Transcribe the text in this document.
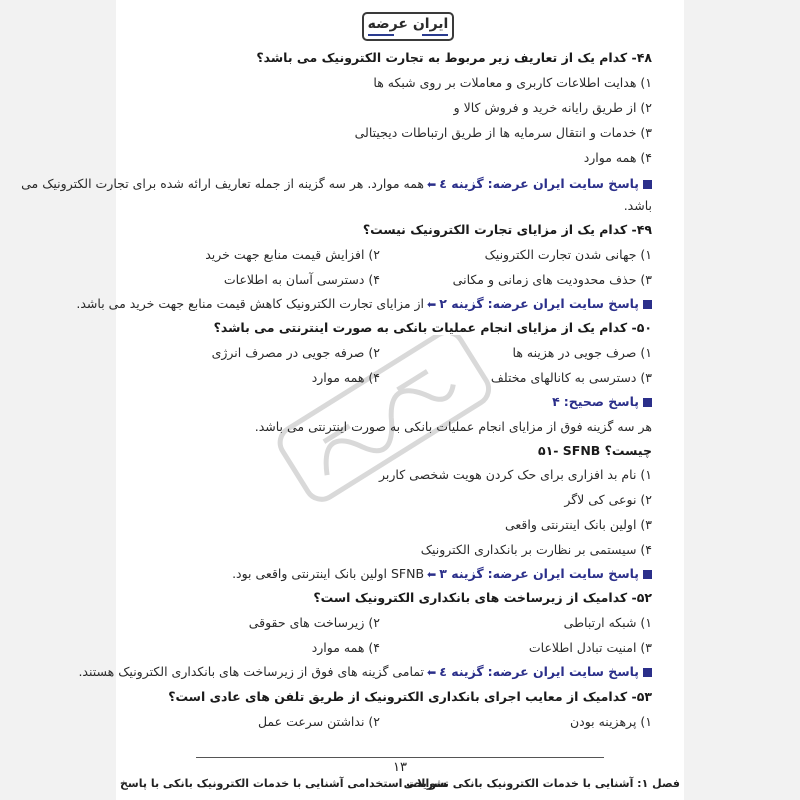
ایران عرضه
۴۸- کدام یک از تعاریف زیر مربوط به تجارت الکترونیک می باشد؟
۱) هدایت اطلاعات کاربری و معاملات بر روی شبکه ها
۲) از طریق رایانه خرید و فروش کالا و
۳) خدمات و انتقال سرمایه ها از طریق ارتباطات دیجیتالی
۴) همه موارد
پاسخ سایت ایران عرضه: گزینه ٤⬅همه موارد. هر سه گزینه از جمله تعاریف ارائه شده برای تجارت الکترونیک می
باشد.
۴۹- کدام یک از مزایای تجارت الکترونیک نیست؟
۱) جهانی شدن تجارت الکترونیک
۲) افزایش قیمت منابع جهت خرید
۳) حذف محدودیت های زمانی و مکانی
۴) دسترسی آسان به اطلاعات
پاسخ سایت ایران عرضه: گزینه ۲⬅از مزایای تجارت الکترونیک کاهش قیمت منابع جهت خرید می باشد.
۵۰- کدام یک از مزایای انجام عملیات بانکی به صورت اینترنتی می باشد؟
۱) صرف جویی در هزینه ها
۲) صرفه جویی در مصرف انرژی
۳) دسترسی به کانالهای مختلف
۴) همه موارد
پاسخ صحیح: ۴
هر سه گزینه فوق از مزایای انجام عملیات بانکی به صورت اینترنتی می باشد.
۵۱- SFNB چیست؟
۱) نام بد افزاری برای حک کردن هویت شخصی کاربر
۲) نوعی کی لاگر
۳) اولین بانک اینترنتی واقعی
۴) سیستمی بر نظارت بر بانکداری الکترونیک
پاسخ سایت ایران عرضه: گزینه ۳⬅SFNB اولین بانک اینترنتی واقعی بود.
۵۲- کدامیک از زیرساخت های بانکداری الکترونیک است؟
۱) شبکه ارتباطی
۲) زیرساخت های حقوقی
۳) امنیت تبادل اطلاعات
۴) همه موارد
پاسخ سایت ایران عرضه: گزینه ٤⬅تمامی گزینه های فوق از زیرساخت های بانکداری الکترونیک هستند.
۵۳- کدامیک از معایب اجرای بانکداری الکترونیک از طریق تلفن های عادی است؟
۱) پرهزینه بودن
۲) نداشتن سرعت عمل
۱۳
فصل ۱: آشنایی با خدمات الکترونیک بانکی تشریحی
سوالات استخدامی آشنایی با خدمات الکترونیک بانکی با پاسخ
